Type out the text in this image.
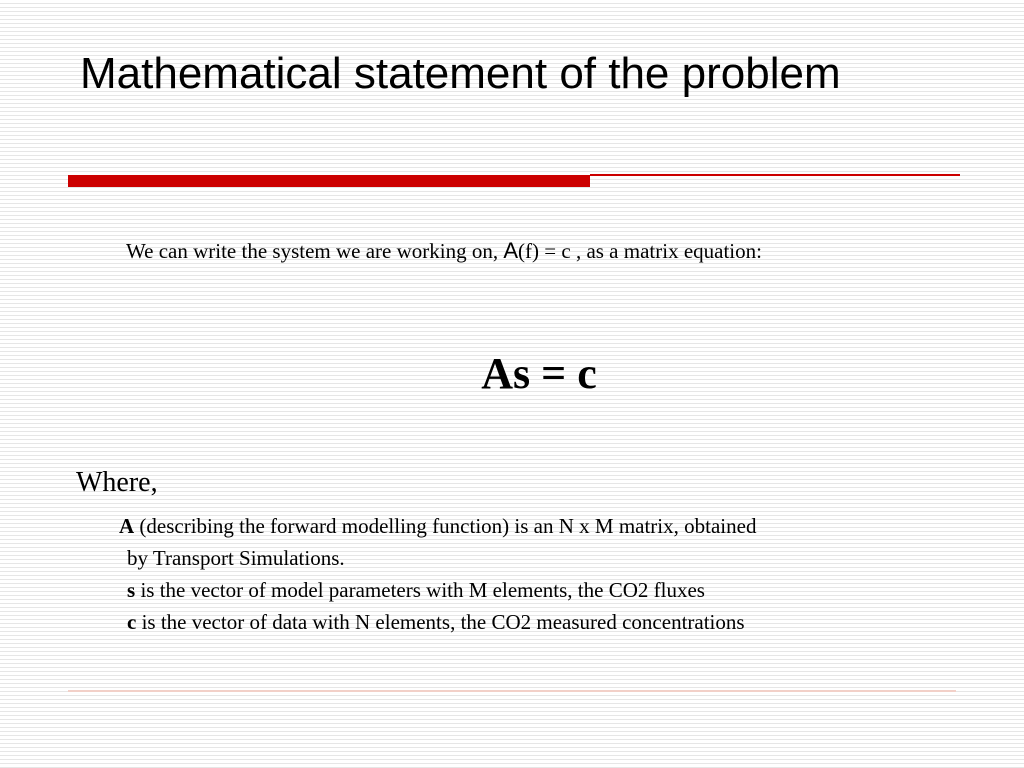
Mathematical statement of the problem
We can write the system we are working on, A(f) = c , as a matrix equation:
As = c
Where,
A (describing the forward modelling function) is an N x M matrix, obtained
by Transport Simulations.
s is the vector of model parameters with M elements, the CO2 fluxes
c is the vector of data with N elements, the CO2 measured concentrations
